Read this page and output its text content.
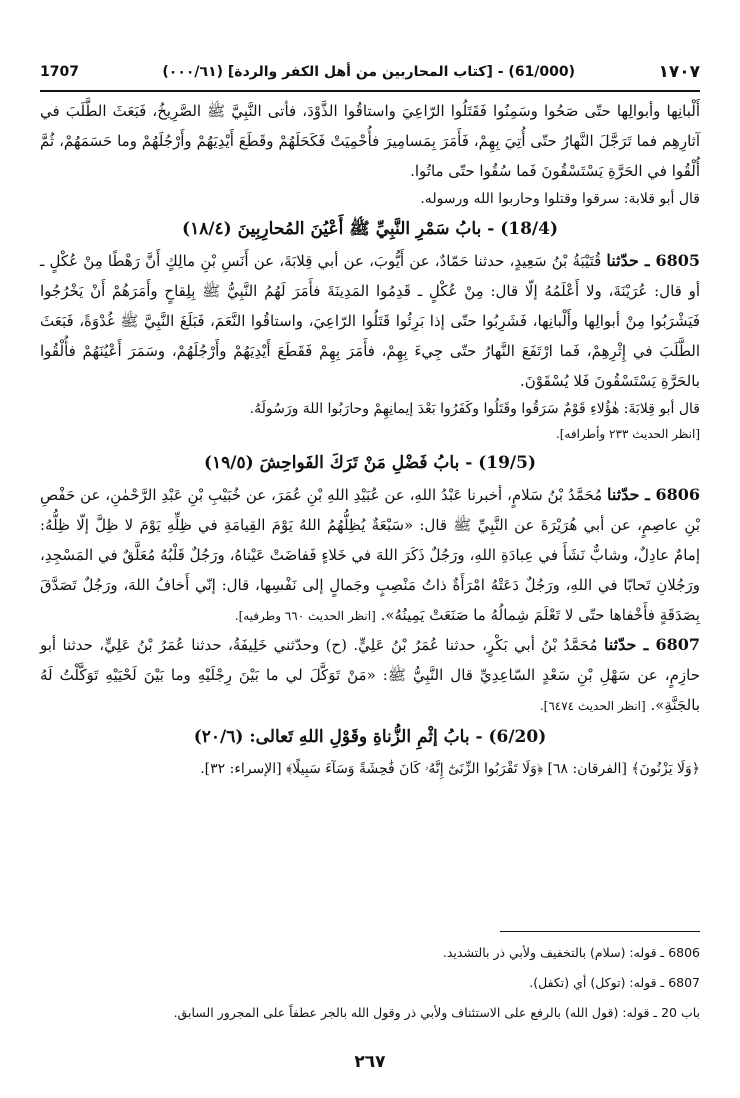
1707	(61/000) - [كتاب المحاربين من أهل الكفر والردة] (٠٠٠/٦١)	١٧٠٧

أَلْبانِها وأبوالِها حتّى صَحُوا وسَمِنُوا فَقَتَلُوا الرّاعِيَ واستاقُوا الذَّوْدَ، فأتى النَّبِيَّ ﷺ الصَّرِيخُ، فَبَعَثَ الطَّلَبَ في آثارِهِم فما تَرَجَّلَ النَّهارُ حتّى أُتِيَ بِهِمْ، فَأَمَرَ بِمَسامِيرَ فأُحْمِيَتْ فَكَحَلَهُمْ وقَطَعَ أَيْدِيَهُمْ وأَرْجُلَهُمْ وما حَسَمَهُمْ، ثُمَّ أُلْقُوا في الحَرَّةِ يَسْتَسْقُونَ فَما سُقُوا حتّى ماتُوا.

قال أبو قلابة: سرقوا وقتلوا وحاربوا الله ورسوله.

(18/4) - بابُ سَمْرِ النَّبِيِّ ﷺ أَعْيُنَ المُحارِبِينَ (١٨/٤)

6805 ـ حدّثنا قُتَيْبَةُ بْنُ سَعِيدٍ، حدثنا حَمّادٌ، عن أَيُّوبَ، عن أبي قِلابَةَ، عن أَنَسِ بْنِ مالِكٍ أَنَّ رَهْطًا مِنْ عُكْلٍ ـ أو قال: عُرَيْنَةَ، ولا أَعْلَمُهُ إلّا قال: مِنْ عُكْلٍ ـ قَدِمُوا المَدِينَةَ فأَمَرَ لَهُمُ النَّبِيُّ ﷺ بِلِقاحٍ وأَمَرَهُمْ أَنْ يَخْرُجُوا فَيَشْرَبُوا مِنْ أبوالِها وأَلْبانِها، فَشَرِبُوا حتّى إذا بَرِئُوا قَتَلُوا الرّاعِيَ، واستاقُوا النَّعَمَ، فَبَلَغَ النَّبِيَّ ﷺ غُدْوَةً، فَبَعَثَ الطَّلَبَ في إِثْرِهِمْ، فَما ارْتَفَعَ النَّهارُ حتّى جِيءَ بِهِمْ، فأَمَرَ بِهِمْ فَقَطَعَ أَيْدِيَهُمْ وأَرْجُلَهُمْ، وسَمَرَ أَعْيُنَهُمْ فأُلْقُوا بالحَرَّةِ يَسْتَسْقُونَ فَلا يُسْقَوْنَ.

قال أبو قِلابَةَ: هٰؤُلاءِ قَوْمٌ سَرَقُوا وقَتَلُوا وكَفَرُوا بَعْدَ إيمانِهِمْ وحارَبُوا اللهَ ورَسُولَهُ.

[انظر الحديث ٢٣٣ وأطرافه].

(19/5) - بابُ فَضْلِ مَنْ تَرَكَ الفَواحِشَ (١٩/٥)

6806 ـ حدّثنا مُحَمَّدُ بْنُ سَلامٍ، أخبرنا عَبْدُ اللهِ، عن عُبَيْدِ اللهِ بْنِ عُمَرَ، عن خُبَيْبِ بْنِ عَبْدِ الرَّحْمٰنِ، عن حَفْصِ بْنِ عاصِمٍ، عن أبي هُرَيْرَةَ عن النَّبِيِّ ﷺ قال: «سَبْعَةٌ يُظِلُّهُمُ اللهُ يَوْمَ القِيامَةِ في ظِلِّهِ يَوْمَ لا ظِلَّ إلّا ظِلُّهُ: إمامٌ عادِلٌ، وشابٌّ نَشَأَ في عِبادَةِ اللهِ، ورَجُلٌ ذَكَرَ اللهَ في خَلاءٍ فَفاضَتْ عَيْناهُ، ورَجُلٌ قَلْبُهُ مُعَلَّقٌ في المَسْجِدِ، ورَجُلانِ تَحابّا في اللهِ، ورَجُلٌ دَعَتْهُ امْرَأَةٌ ذاتُ مَنْصِبٍ وجَمالٍ إلى نَفْسِها، قال: إنّي أَخافُ اللهَ، ورَجُلٌ تَصَدَّقَ بِصَدَقَةٍ فأَخْفاها حتّى لا تَعْلَمَ شِمالُهُ ما صَنَعَتْ يَمِينُهُ». [انظر الحديث ٦٦٠ وطرفيه].

6807 ـ حدّثنا مُحَمَّدُ بْنُ أبي بَكْرٍ، حدثنا عُمَرُ بْنُ عَلِيٍّ. (ح) وحدّثني خَلِيفَةُ، حدثنا عُمَرُ بْنُ عَلِيٍّ، حدثنا أبو حازِمٍ، عن سَهْلِ بْنِ سَعْدٍ السّاعِدِيِّ قال النَّبِيُّ ﷺ: «مَنْ تَوَكَّلَ لي ما بَيْنَ رِجْلَيْهِ وما بَيْنَ لَحْيَيْهِ تَوَكَّلْتُ لَهُ بالجَنَّةِ». [انظر الحديث ٦٤٧٤].

(6/20) - بابُ إثْمِ الزُّناةِ وقَوْلِ اللهِ تَعالى: (٢٠/٦)

﴿وَلَا يَزْنُونَ﴾ [الفرقان: ٦٨] ﴿وَلَا تَقْرَبُوا الزِّنَىٰٓ إِنَّهُۥ كَانَ فَٰحِشَةً وَسَآءَ سَبِيلًا﴾ [الإسراء: ٣٢].

6806 ـ قوله: (سلام) بالتخفيف ولأبي ذر بالتشديد.

6807 ـ قوله: (توكل) أي (تكفل).

باب 20 ـ قوله: (قول الله) بالرفع على الاستئناف ولأبي ذر وقول الله بالجر عطفاً على المجرور السابق.

٢٦٧
